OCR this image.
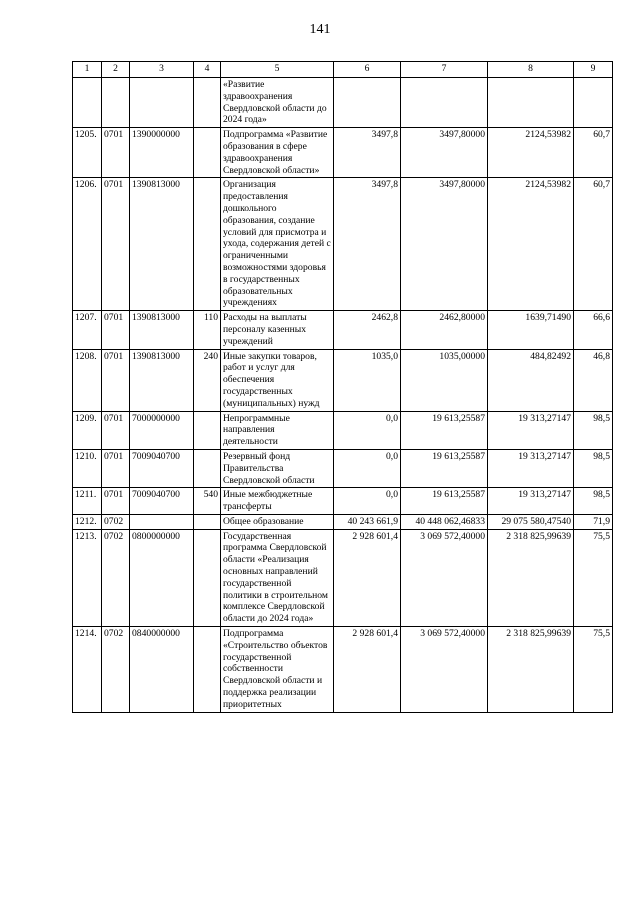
141
1	2	3	4	5	6	7	8	9
				«Развитие здравоохранения Свердловской области до 2024 года»				
1205.	0701	1390000000		Подпрограмма «Развитие образования в сфере здравоохранения Свердловской области»	3497,8	3497,80000	2124,53982	60,7
1206.	0701	1390813000		Организация предоставления дошкольного образования, создание условий для присмотра и ухода, содержания детей с ограниченными возможностями здоровья в государственных образовательных учреждениях	3497,8	3497,80000	2124,53982	60,7
1207.	0701	1390813000	110	Расходы на выплаты персоналу казенных учреждений	2462,8	2462,80000	1639,71490	66,6
1208.	0701	1390813000	240	Иные закупки товаров, работ и услуг для обеспечения государственных (муниципальных) нужд	1035,0	1035,00000	484,82492	46,8
1209.	0701	7000000000		Непрограммные направления деятельности	0,0	19 613,25587	19 313,27147	98,5
1210.	0701	7009040700		Резервный фонд Правительства Свердловской области	0,0	19 613,25587	19 313,27147	98,5
1211.	0701	7009040700	540	Иные межбюджетные трансферты	0,0	19 613,25587	19 313,27147	98,5
1212.	0702			Общее образование	40 243 661,9	40 448 062,46833	29 075 580,47540	71,9
1213.	0702	0800000000		Государственная программа Свердловской области «Реализация основных направлений государственной политики в строительном комплексе Свердловской области до 2024 года»	2 928 601,4	3 069 572,40000	2 318 825,99639	75,5
1214.	0702	0840000000		Подпрограмма «Строительство объектов государственной собственности Свердловской области и поддержка реализации приоритетных	2 928 601,4	3 069 572,40000	2 318 825,99639	75,5
